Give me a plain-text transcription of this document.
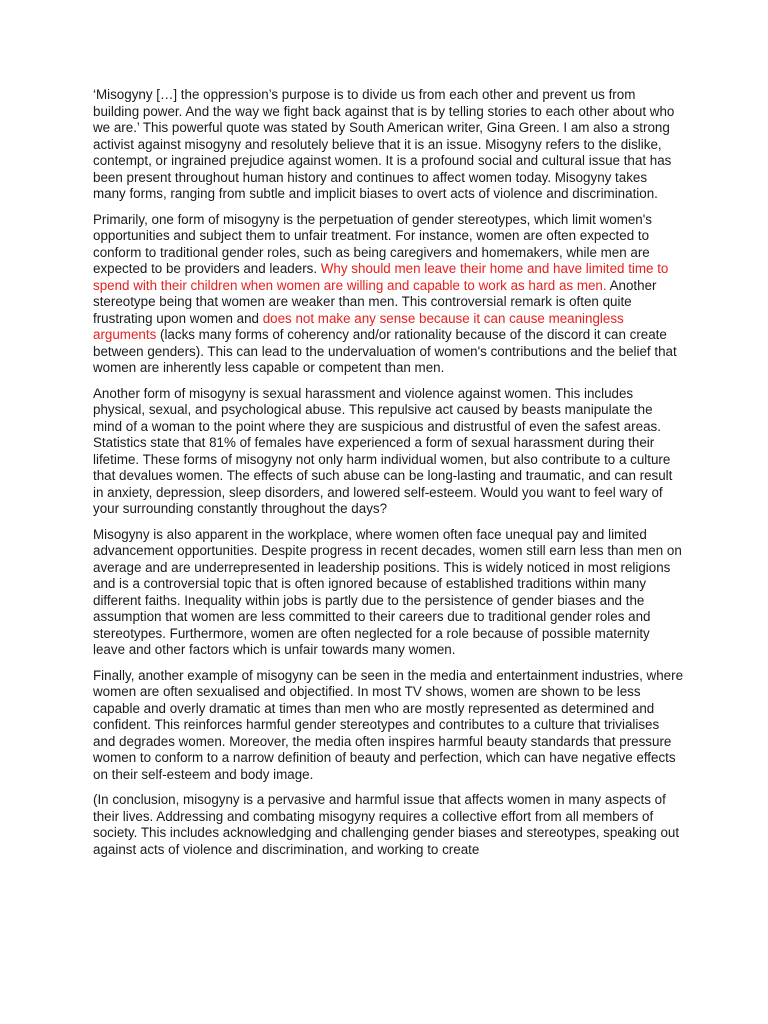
‘Misogyny […] the oppression’s purpose is to divide us from each other and prevent us from building power. And the way we fight back against that is by telling stories to each other about who we are.’ This powerful quote was stated by South American writer, Gina Green. I am also a strong activist against misogyny and resolutely believe that it is an issue. Misogyny refers to the dislike, contempt, or ingrained prejudice against women. It is a profound social and cultural issue that has been present throughout human history and continues to affect women today. Misogyny takes many forms, ranging from subtle and implicit biases to overt acts of violence and discrimination.

Primarily, one form of misogyny is the perpetuation of gender stereotypes, which limit women's opportunities and subject them to unfair treatment. For instance, women are often expected to conform to traditional gender roles, such as being caregivers and homemakers, while men are expected to be providers and leaders. Why should men leave their home and have limited time to spend with their children when women are willing and capable to work as hard as men. Another stereotype being that women are weaker than men. This controversial remark is often quite frustrating upon women and does not make any sense because it can cause meaningless arguments (lacks many forms of coherency and/or rationality because of the discord it can create between genders). This can lead to the undervaluation of women's contributions and the belief that women are inherently less capable or competent than men.

Another form of misogyny is sexual harassment and violence against women. This includes physical, sexual, and psychological abuse. This repulsive act caused by beasts manipulate the mind of a woman to the point where they are suspicious and distrustful of even the safest areas. Statistics state that 81% of females have experienced a form of sexual harassment during their lifetime. These forms of misogyny not only harm individual women, but also contribute to a culture that devalues women. The effects of such abuse can be long-lasting and traumatic, and can result in anxiety, depression, sleep disorders, and lowered self-esteem. Would you want to feel wary of your surrounding constantly throughout the days?

Misogyny is also apparent in the workplace, where women often face unequal pay and limited advancement opportunities. Despite progress in recent decades, women still earn less than men on average and are underrepresented in leadership positions. This is widely noticed in most religions and is a controversial topic that is often ignored because of established traditions within many different faiths. Inequality within jobs is partly due to the persistence of gender biases and the assumption that women are less committed to their careers due to traditional gender roles and stereotypes. Furthermore, women are often neglected for a role because of possible maternity leave and other factors which is unfair towards many women.

Finally, another example of misogyny can be seen in the media and entertainment industries, where women are often sexualised and objectified. In most TV shows, women are shown to be less capable and overly dramatic at times than men who are mostly represented as determined and confident. This reinforces harmful gender stereotypes and contributes to a culture that trivialises and degrades women. Moreover, the media often inspires harmful beauty standards that pressure women to conform to a narrow definition of beauty and perfection, which can have negative effects on their self-esteem and body image.

(In conclusion, misogyny is a pervasive and harmful issue that affects women in many aspects of their lives. Addressing and combating misogyny requires a collective effort from all members of society. This includes acknowledging and challenging gender biases and stereotypes, speaking out against acts of violence and discrimination, and working to create
